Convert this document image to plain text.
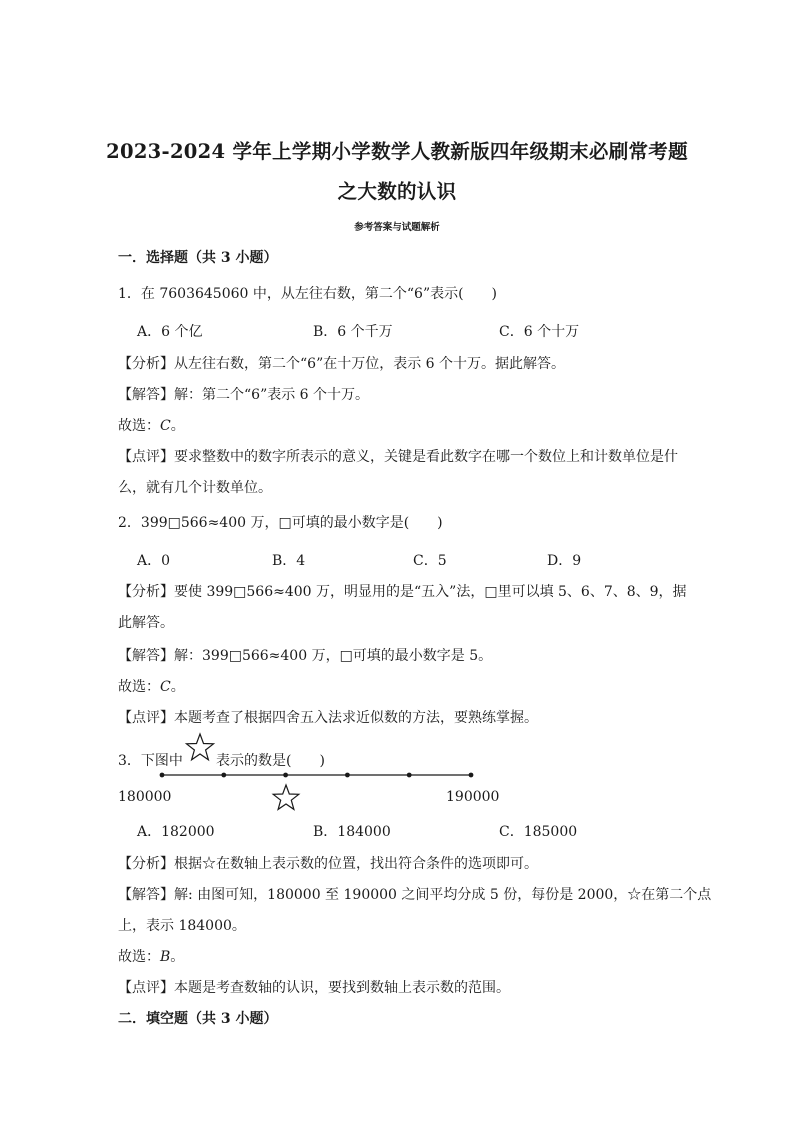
2023-2024 学年上学期小学数学人教新版四年级期末必刷常考题
之大数的认识
参考答案与试题解析
一．选择题（共 3 小题）
1．在 7603645060 中，从左往右数，第二个“6”表示(　　)
A．6 个亿	B．6 个千万	C．6 个十万
【分析】从左往右数，第二个“6”在十万位，表示 6 个十万。据此解答。
【解答】解：第二个“6”表示 6 个十万。
故选：C。
【点评】要求整数中的数字所表示的意义，关键是看此数字在哪一个数位上和计数单位是什
么，就有几个计数单位。
2．399□566≈400 万，□可填的最小数字是(　　)
A．0	B．4	C．5	D．9
【分析】要使 399□566≈400 万，明显用的是“五入”法，□里可以填 5、6、7、8、9，据
此解答。
【解答】解：399□566≈400 万，□可填的最小数字是 5。
故选：C。
【点评】本题考查了根据四舍五入法求近似数的方法，要熟练掌握。
3．下图中 表示的数是(　　)
180000	190000
A．182000	B．184000	C．185000
【分析】根据☆在数轴上表示数的位置，找出符合条件的选项即可。
【解答】解: 由图可知，180000 至 190000 之间平均分成 5 份，每份是 2000，☆在第二个点
上，表示 184000。
故选：B。
【点评】本题是考查数轴的认识，要找到数轴上表示数的范围。
二．填空题（共 3 小题）
